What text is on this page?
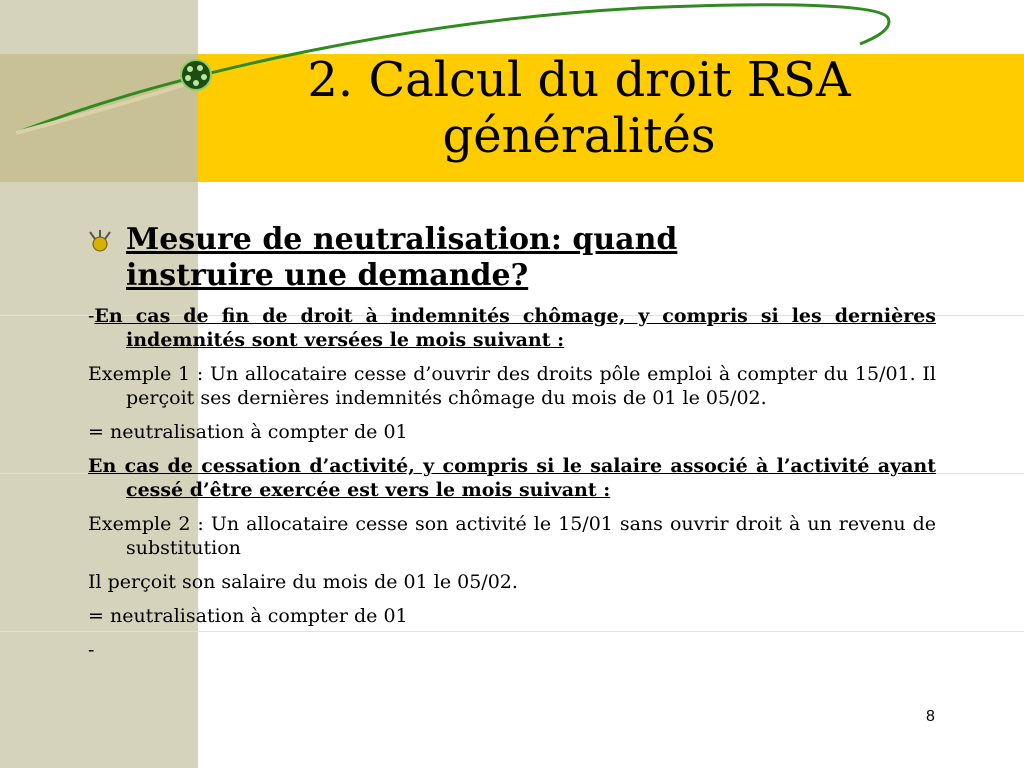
2. Calcul du droit RSA
généralités
Mesure de neutralisation: quand
instruire une demande?

-En cas de fin de droit à indemnités chômage, y compris si les dernières indemnités sont versées le mois suivant :

Exemple 1 : Un allocataire cesse d’ouvrir des droits pôle emploi à compter du 15/01. Il perçoit ses dernières indemnités chômage du mois de 01 le 05/02.

= neutralisation à compter de 01

En cas de cessation d’activité, y compris si le salaire associé à l’activité ayant cessé d’être exercée est vers le mois suivant :

Exemple 2 : Un allocataire cesse son activité le 15/01 sans ouvrir droit à un revenu de substitution

Il perçoit son salaire du mois de 01 le 05/02.

= neutralisation à compter de 01

-

8
